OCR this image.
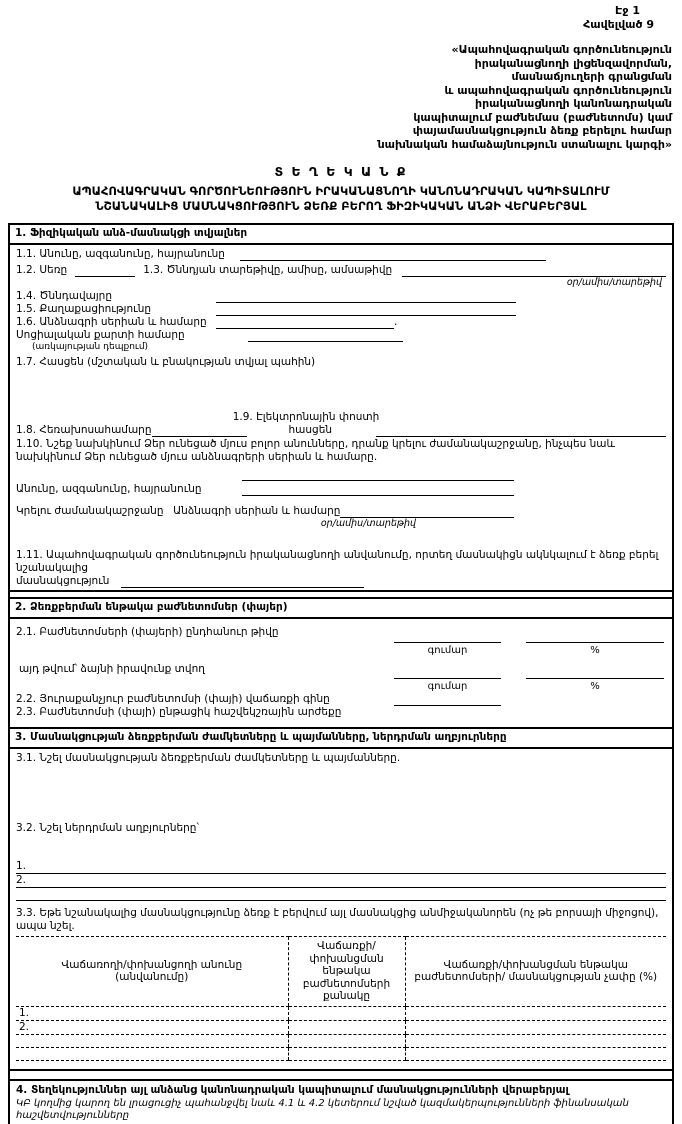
Էջ 1
Հավելված 9
«Ապահովագրական գործունեություն
իրականացնողի լիցենզավորման,
մասնաճյուղերի գրանցման
և ապահովագրական գործունեություն
իրականացնողի կանոնադրական
կապիտալում բաժնեմաս (բաժնետոմս) կամ
փայամասնակցություն ձեռք բերելու համար
նախնական համաձայնություն ստանալու կարգի»
Տ Ե Ղ Ե Կ Ա Ն Ք
ԱՊԱՀՈՎԱԳՐԱԿԱՆ ԳՈՐԾՈՒՆԵՈՒԹՅՈՒՆ ԻՐԱԿԱՆԱՑՆՈՂԻ ԿԱՆՈՆԱԴՐԱԿԱՆ ԿԱՊԻՏԱԼՈՒՄ
ՆՇԱՆԱԿԱԼԻՑ ՄԱՍՆԱԿՑՈՒԹՅՈՒՆ ՁԵՌՔ ԲԵՐՈՂ ՖԻԶԻԿԱԿԱՆ ԱՆՁԻ ՎԵՐԱԲԵՐՅԱԼ
1. Ֆիզիկական անձ-մասնակցի տվյալներ
1.1. Անունը, ազգանունը, հայրանունը
1.2. Սեռը	1.3. Ծննդյան տարեթիվը, ամիսը, ամսաթիվը
օր/ամիս/տարեթիվ
1.4. Ծննդավայրը
1.5. Քաղաքացիությունը
1.6. Անձնագրի սերիան և համարը	.
Սոցիալական քարտի համարը
(առկայության դեպքում)
1.7. Հասցեն (մշտական և բնակության տվյալ պահին)
1.9. Էլեկտրոնային փոստի
1.8. Հեռախոսահամարը	հասցեն
1.10. Նշեք նախկինում Ձեր ունեցած մյուս բոլոր անունները, դրանք կրելու ժամանակաշրջանը, ինչպես նաև նախկինում Ձեր ունեցած մյուս անձնագրերի սերիան և համարը.
Անունը, ազգանունը, հայրանունը
Կրելու ժամանակաշրջանը Անձնագրի սերիան և համարը
օր/ամիս/տարեթիվ
1.11. Ապահովագրական գործունեություն իրականացնողի անվանումը, որտեղ մասնակիցն ակնկալում է ձեռք բերել նշանակալից
մասնակցություն
2. Ձեռքբերման ենթակա բաժնետոմսեր (փայեր)
2.1. Բաժնետոմսերի (փայերի) ընդհանուր թիվը
գումար	%
այդ թվում՝ ձայնի իրավունք տվող
գումար	%
2.2. Յուրաքանչյուր բաժնետոմսի (փայի) վաճառքի գինը
2.3. Բաժնետոմսի (փայի) ընթացիկ հաշվեկշռային արժեքը
3. Մասնակցության ձեռքբերման ժամկետները և պայմանները, ներդրման աղբյուրները
3.1. Նշել մասնակցության ձեռքբերման ժամկետները և պայմանները.
3.2. Նշել ներդրման աղբյուրները՝
1.
2.
3.3. Եթե նշանակալից մասնակցությունը ձեռք է բերվում այլ մասնակցից անմիջականորեն (ոչ թե բորսայի միջոցով), ապա նշել.
Վաճառողի/փոխանցողի անունը (անվանումը)	Վաճառքի/փոխանցման ենթակա բաժնետոմսերի քանակը	Վաճառքի/փոխանցման ենթակա բաժնետոմսերի/ մասնակցության չափը (%)
1.		
2.		

4. Տեղեկություններ այլ անձանց կանոնադրական կապիտալում մասնակցությունների վերաբերյալ
ԿԲ կողմից կարող են լրացուցիչ պահանջվել նաև 4.1 և 4.2 կետերում նշված կազմակերպությունների ֆինանսական հաշվետվությունները
